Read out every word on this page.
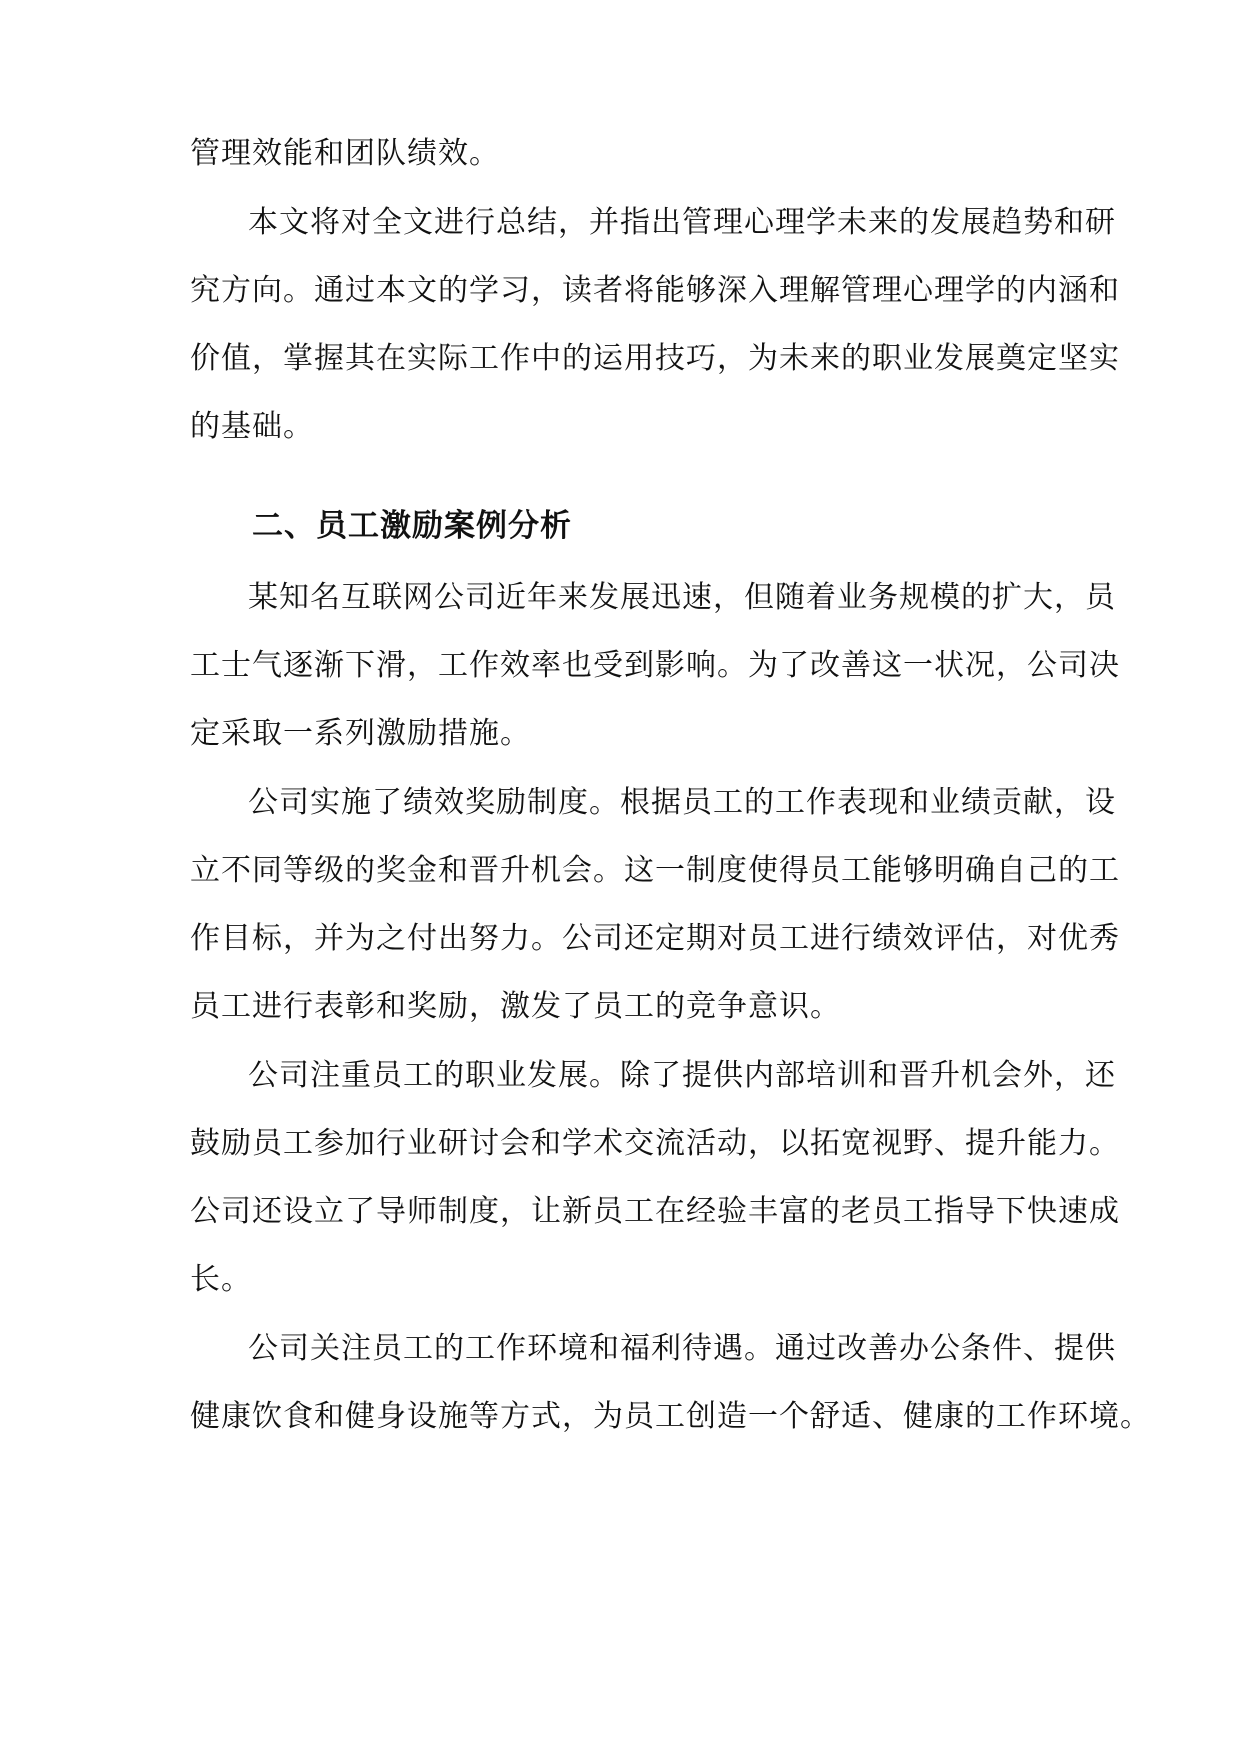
管理效能和团队绩效。
本文将对全文进行总结，并指出管理心理学未来的发展趋势和研
究方向。通过本文的学习，读者将能够深入理解管理心理学的内涵和
价值，掌握其在实际工作中的运用技巧，为未来的职业发展奠定坚实
的基础。
二、员工激励案例分析
某知名互联网公司近年来发展迅速，但随着业务规模的扩大，员
工士气逐渐下滑，工作效率也受到影响。为了改善这一状况，公司决
定采取一系列激励措施。
公司实施了绩效奖励制度。根据员工的工作表现和业绩贡献，设
立不同等级的奖金和晋升机会。这一制度使得员工能够明确自己的工
作目标，并为之付出努力。公司还定期对员工进行绩效评估，对优秀
员工进行表彰和奖励，激发了员工的竞争意识。
公司注重员工的职业发展。除了提供内部培训和晋升机会外，还
鼓励员工参加行业研讨会和学术交流活动，以拓宽视野、提升能力。
公司还设立了导师制度，让新员工在经验丰富的老员工指导下快速成
长。
公司关注员工的工作环境和福利待遇。通过改善办公条件、提供
健康饮食和健身设施等方式，为员工创造一个舒适、健康的工作环境。
